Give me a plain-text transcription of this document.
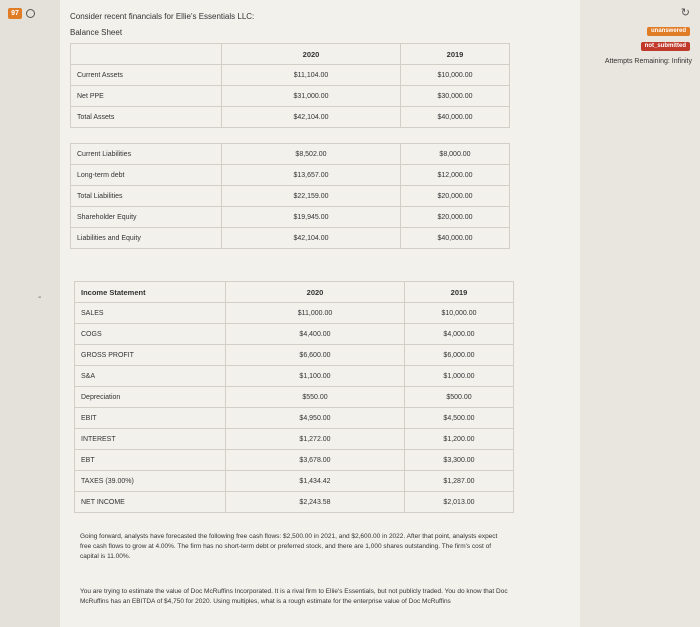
97
-
Consider recent financials for Ellie's Essentials LLC:
Balance Sheet
	2020	2019
Current Assets	$11,104.00	$10,000.00
Net PPE	$31,000.00	$30,000.00
Total Assets	$42,104.00	$40,000.00
Current Liabilities	$8,502.00	$8,000.00
Long-term debt	$13,657.00	$12,000.00
Total Liabilities	$22,159.00	$20,000.00
Shareholder Equity	$19,945.00	$20,000.00
Liabilities and Equity	$42,104.00	$40,000.00
Income Statement	2020	2019
SALES	$11,000.00	$10,000.00
COGS	$4,400.00	$4,000.00
GROSS PROFIT	$6,600.00	$6,000.00
S&A	$1,100.00	$1,000.00
Depreciation	$550.00	$500.00
EBIT	$4,950.00	$4,500.00
INTEREST	$1,272.00	$1,200.00
EBT	$3,678.00	$3,300.00
TAXES (39.00%)	$1,434.42	$1,287.00
NET INCOME	$2,243.58	$2,013.00
Going forward, analysts have forecasted the following free cash flows: $2,500.00 in 2021, and $2,600.00 in 2022. After that point, analysts expect free cash flows to grow at 4.00%. The firm has no short-term debt or preferred stock, and there are 1,000 shares outstanding. The firm's cost of capital is 11.00%.
You are trying to estimate the value of Doc McRuffins Incorporated. It is a rival firm to Ellie's Essentials, but not publicly traded. You do know that Doc McRuffins has an EBITDA of $4,750 for 2020. Using multiples, what is a rough estimate for the enterprise value of Doc McRuffins
↻
unanswered
not_submitted
Attempts Remaining: Infinity
